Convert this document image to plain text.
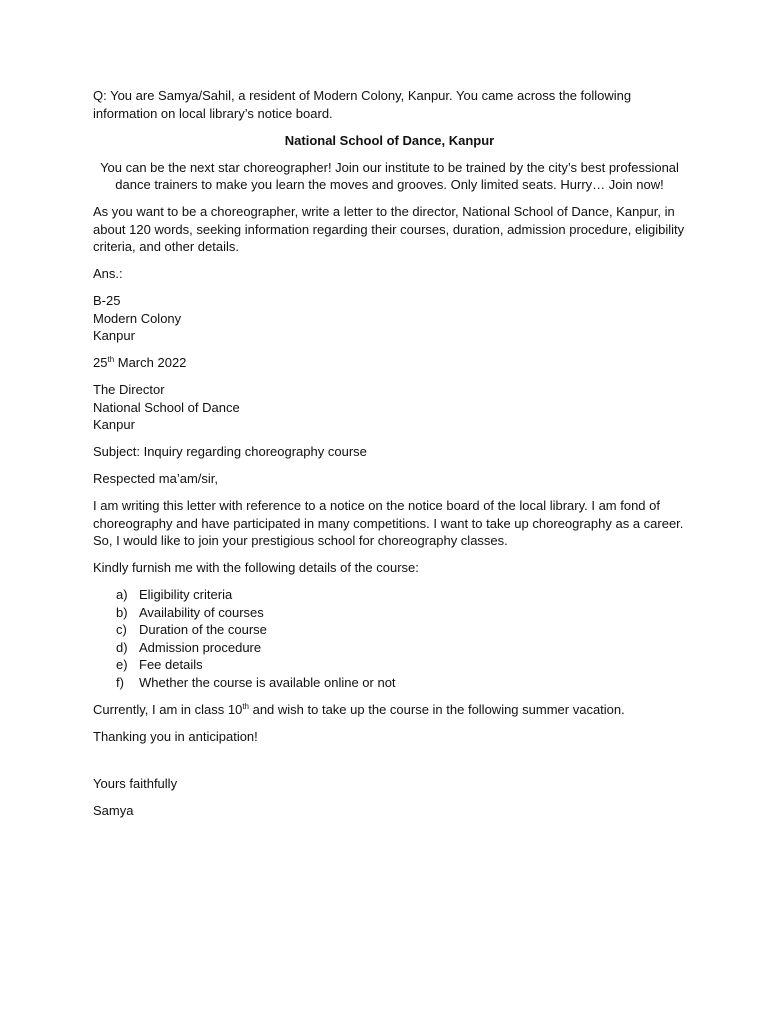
Q: You are Samya/Sahil, a resident of Modern Colony, Kanpur. You came across the following information on local library’s notice board.

National School of Dance, Kanpur

You can be the next star choreographer! Join our institute to be trained by the city’s best professional dance trainers to make you learn the moves and grooves. Only limited seats. Hurry… Join now!

As you want to be a choreographer, write a letter to the director, National School of Dance, Kanpur, in about 120 words, seeking information regarding their courses, duration, admission procedure, eligibility criteria, and other details.

Ans.:

B-25

Modern Colony

Kanpur

25th March 2022

The Director

National School of Dance

Kanpur

Subject: Inquiry regarding choreography course

Respected ma’am/sir,

I am writing this letter with reference to a notice on the notice board of the local library. I am fond of choreography and have participated in many competitions. I want to take up choreography as a career. So, I would like to join your prestigious school for choreography classes.

Kindly furnish me with the following details of the course:

a) Eligibility criteria
b) Availability of courses
c) Duration of the course
d) Admission procedure
e) Fee details
f)	Whether the course is available online or not

Currently, I am in class 10th and wish to take up the course in the following summer vacation.

Thanking you in anticipation!

Yours faithfully

Samya
